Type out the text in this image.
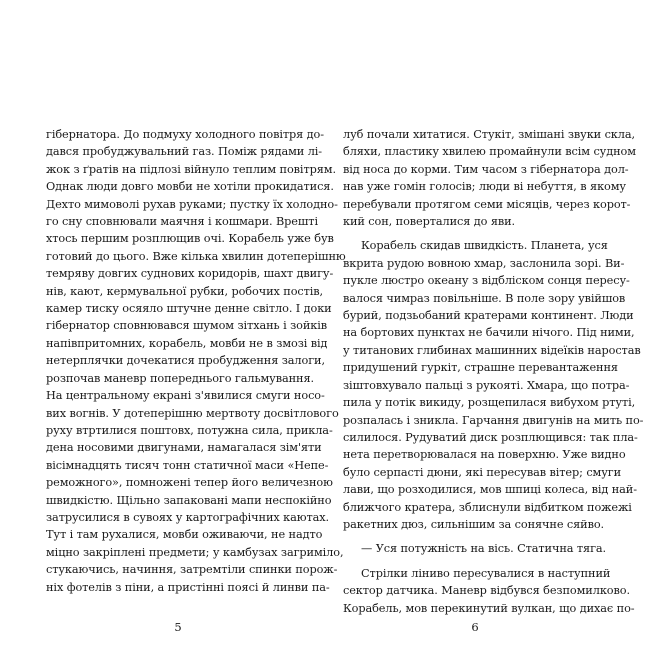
гібернатора. До подмуху холодного повітря до-
дався пробуджувальний газ. Поміж рядами лі-
жок з ґратів на підлозі війнуло теплим повітрям.
Однак люди довго мовби не хотіли прокидатися.
Дехто мимоволі рухав руками; пустку їх холодно-
го сну сповнювали маячня і кошмари. Врешті
хтось першим розплющив очі. Корабель уже був
готовий до цього. Вже кілька хвилин дотеперішню
темряву довгих суднових коридорів, шахт двигу-
нів, кают, кермувальної рубки, робочих постів,
камер тиску осяяло штучне денне світло. І доки
гібернатор сповнювався шумом зітхань і зойків
напівпритомних, корабель, мовби не в змозі від
нетерплячки дочекатися пробудження залоги,
розпочав маневр попереднього гальмування.
На центральному екрані з'явилися смуги носо-
вих вогнів. У дотеперішню мертвоту досвітлового
руху втртилися поштовх, потужна сила, прикла-
дена носовими двигунами, намагалася зім'яти
вісімнадцять тисяч тонн статичної маси «Непе-
реможного», помножені тепер його величезною
швидкістю. Щільно запаковані мапи неспокійно
затрусилися в сувоях у картографічних каютах.
Тут і там рухалися, мовби оживаючи, не надто
міцно закріплені предмети; у камбузах загриміло,
стукаючись, начиння, затремтіли спинки порож-
ніх фотелів з піни, а пристінні поясі й линви па-

5

луб почали хитатися. Стукіт, змішані звуки скла,
бляхи, пластику хвилею промайнули всім судном
від носа до корми. Тим часом з гібернатора дол-
нав уже гомін голосів; люди ві небуття, в якому
перебували протягом семи місяців, через корот-
кий сон, поверталися до яви.

Корабель скидав швидкість. Планета, уся
вкрита рудою вовною хмар, заслонила зорі. Ви-
пукле люстро океану з відбліском сонця пересу-
валося чимраз повільніше. В поле зору увійшов
бурий, подзьобаний кратерами континент. Люди
на бортових пунктах не бачили нічого. Під ними,
у титанових глибинах машинних відеїків наростав
придушений гуркіт, страшне перевантаження
зіштовхувало пальці з рукояті. Хмара, що потра-
пила у потік викиду, розщепилася вибухом ртуті,
розпалась і зникла. Гарчання двигунів на мить по-
силилося. Рудуватий диск розплющився: так пла-
нета перетворювалася на поверхню. Уже видно
було серпасті дюни, які пересував вітер; смуги
лави, що розходилися, мов шпиці колеса, від най-
ближчого кратера, зблиснули відбитком пожежі
ракетних дюз, сильнішим за сонячне сяйво.

— Уся потужність на віcь. Статична тяга.

Стрілки ліниво пересувалися в наступний
сектор датчика. Маневр відбувся безпомилково.
Корабель, мов перекинутий вулкан, що дихає по-

6
